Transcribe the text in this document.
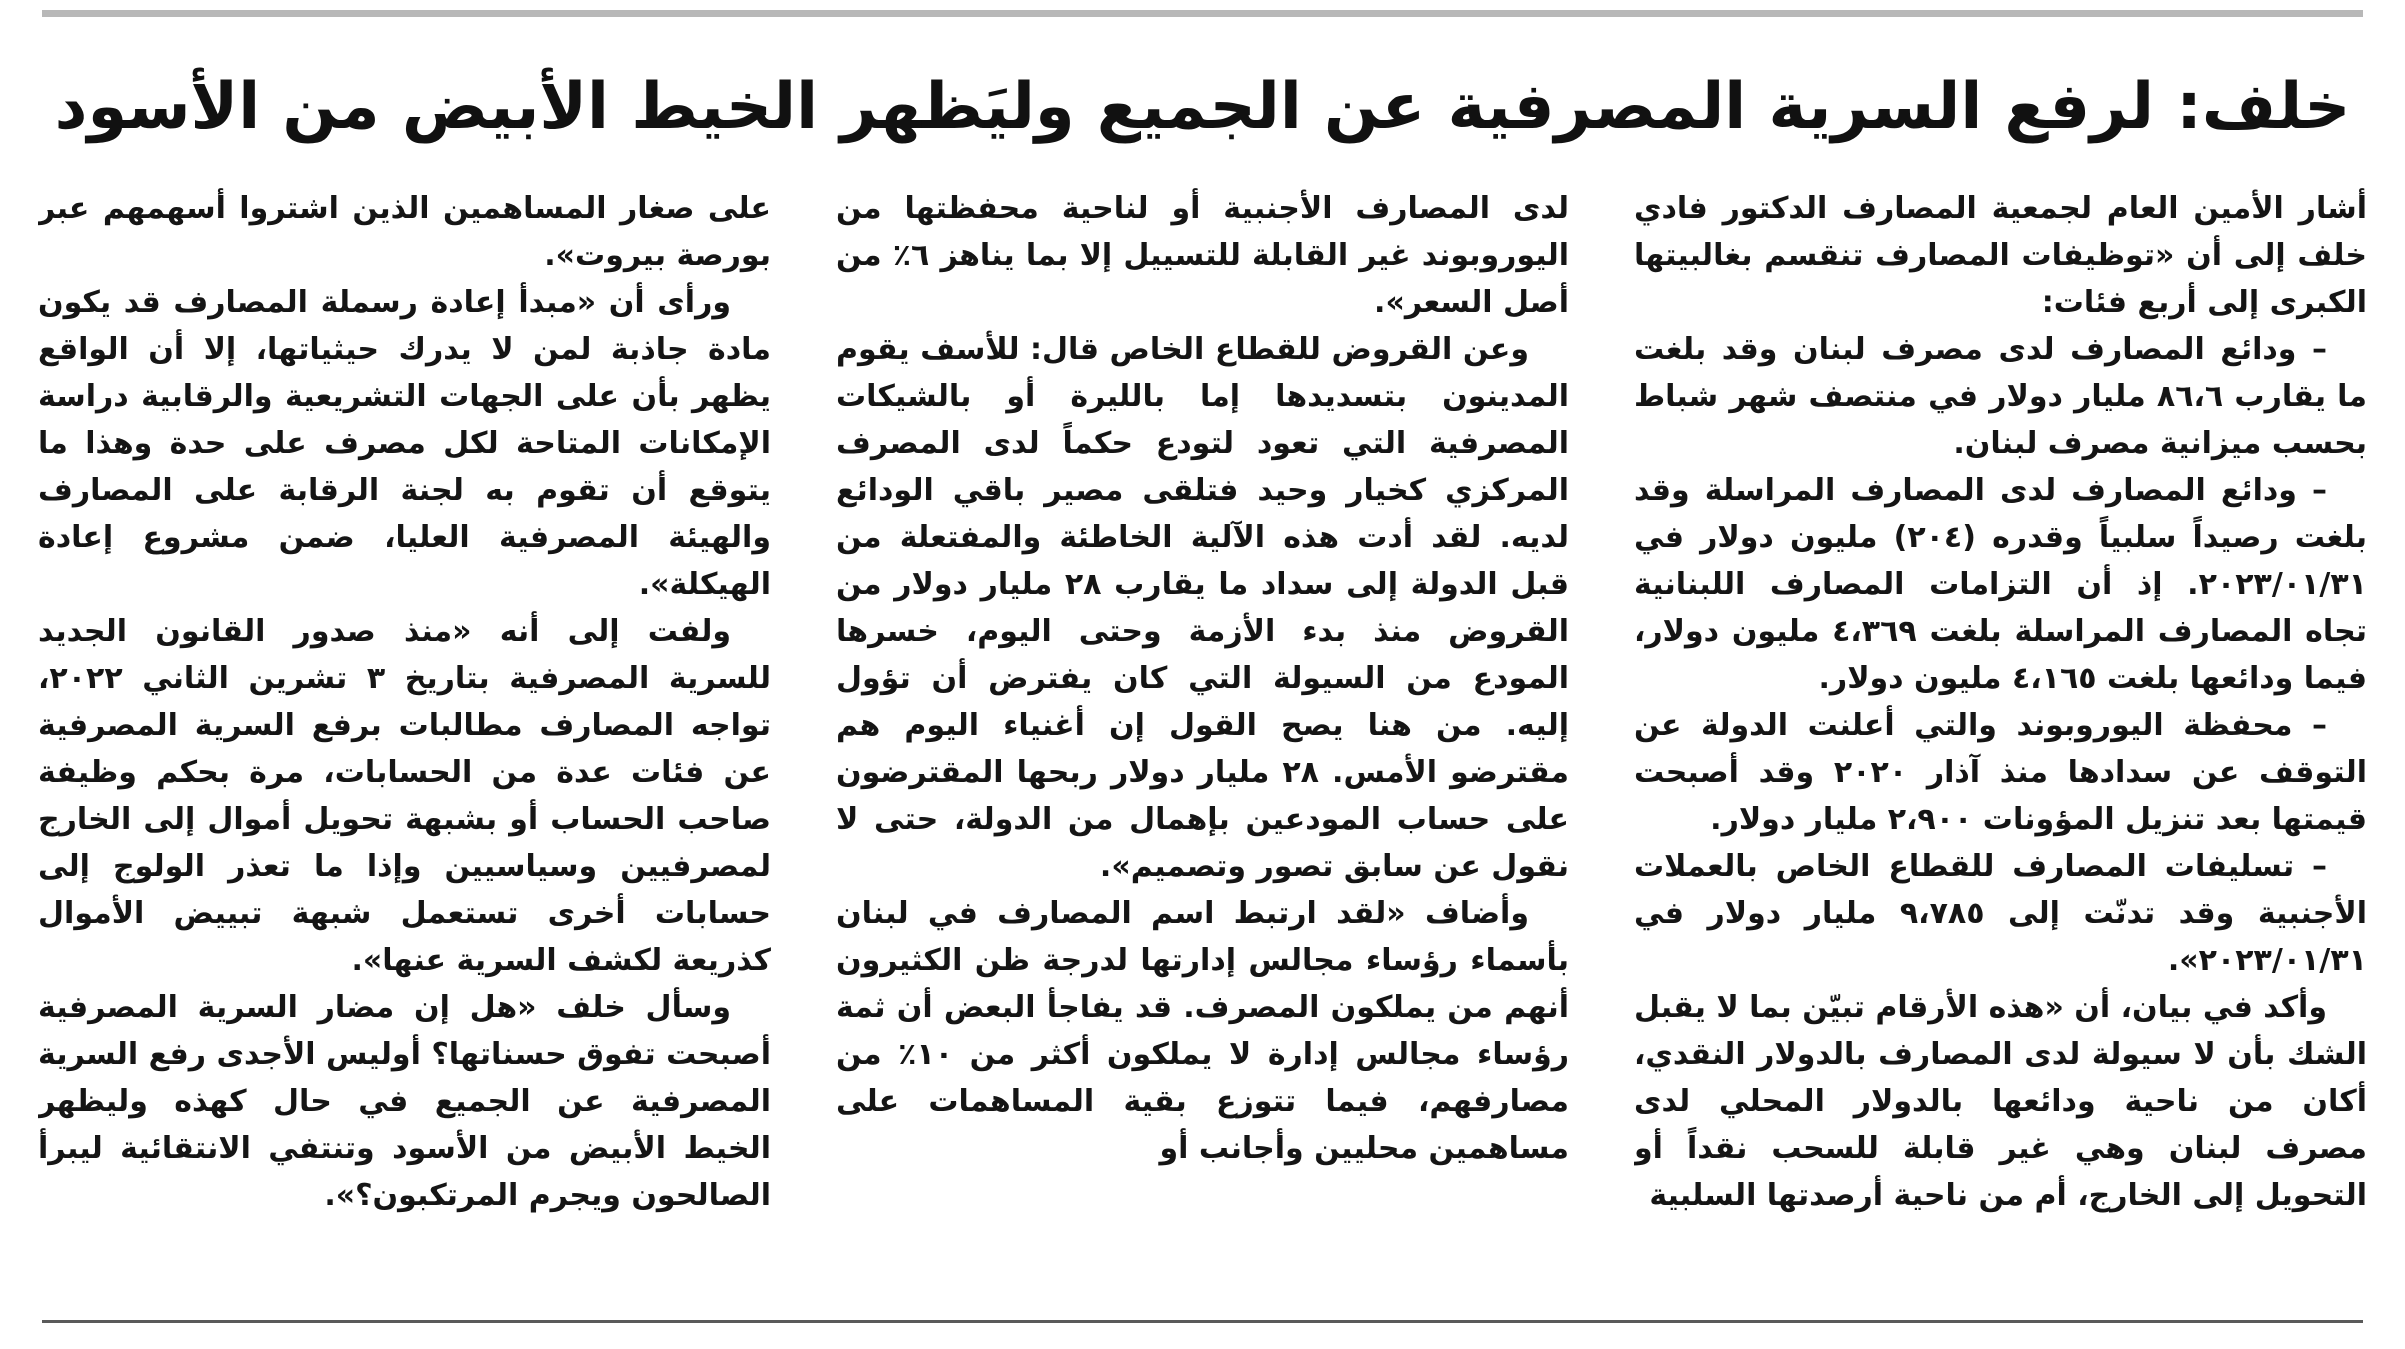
خلف: لرفع السرية المصرفية عن الجميع وليَظهر الخيط الأبيض من الأسود

أشار الأمين العام لجمعية المصارف الدكتور فادي خلف إلى أن «توظيفات المصارف تنقسم بغالبيتها الكبرى إلى أربع فئات:

– ودائع المصارف لدى مصرف لبنان وقد بلغت ما يقارب ٨٦،٦ مليار دولار في منتصف شهر شباط بحسب ميزانية مصرف لبنان.

– ودائع المصارف لدى المصارف المراسلة وقد بلغت رصيداً سلبياً وقدره (٢٠٤) مليون دولار في ٢٠٢٣/٠١/٣١. إذ أن التزامات المصارف اللبنانية تجاه المصارف المراسلة بلغت ٤،٣٦٩ مليون دولار، فيما ودائعها بلغت ٤،١٦٥ مليون دولار.

– محفظة اليوروبوند والتي أعلنت الدولة عن التوقف عن سدادها منذ آذار ٢٠٢٠ وقد أصبحت قيمتها بعد تنزيل المؤونات ٢،٩٠٠ مليار دولار.

– تسليفات المصارف للقطاع الخاص بالعملات الأجنبية وقد تدنّت إلى ٩،٧٨٥ مليار دولار في ٢٠٢٣/٠١/٣١».

وأكد في بيان، أن «هذه الأرقام تبيّن بما لا يقبل الشك بأن لا سيولة لدى المصارف بالدولار النقدي، أكان من ناحية ودائعها بالدولار المحلي لدى مصرف لبنان وهي غير قابلة للسحب نقداً أو التحويل إلى الخارج، أم من ناحية أرصدتها السلبية

لدى المصارف الأجنبية أو لناحية محفظتها من اليوروبوند غير القابلة للتسييل إلا بما يناهز ٦٪ من أصل السعر».

وعن القروض للقطاع الخاص قال: للأسف يقوم المدينون بتسديدها إما بالليرة أو بالشيكات المصرفية التي تعود لتودع حكماً لدى المصرف المركزي كخيار وحيد فتلقى مصير باقي الودائع لديه. لقد أدت هذه الآلية الخاطئة والمفتعلة من قبل الدولة إلى سداد ما يقارب ٢٨ مليار دولار من القروض منذ بدء الأزمة وحتى اليوم، خسرها المودع من السيولة التي كان يفترض أن تؤول إليه. من هنا يصح القول إن أغنياء اليوم هم مقترضو الأمس. ٢٨ مليار دولار ربحها المقترضون على حساب المودعين بإهمال من الدولة، حتى لا نقول عن سابق تصور وتصميم».

وأضاف «لقد ارتبط اسم المصارف في لبنان بأسماء رؤساء مجالس إدارتها لدرجة ظن الكثيرون أنهم من يملكون المصرف. قد يفاجأ البعض أن ثمة رؤساء مجالس إدارة لا يملكون أكثر من ١٠٪ من مصارفهم، فيما تتوزع بقية المساهمات على مساهمين محليين وأجانب أو

على صغار المساهمين الذين اشتروا أسهمهم عبر بورصة بيروت».

ورأى أن «مبدأ إعادة رسملة المصارف قد يكون مادة جاذبة لمن لا يدرك حيثياتها، إلا أن الواقع يظهر بأن على الجهات التشريعية والرقابية دراسة الإمكانات المتاحة لكل مصرف على حدة وهذا ما يتوقع أن تقوم به لجنة الرقابة على المصارف والهيئة المصرفية العليا، ضمن مشروع إعادة الهيكلة».

ولفت إلى أنه «منذ صدور القانون الجديد للسرية المصرفية بتاريخ ٣ تشرين الثاني ٢٠٢٢، تواجه المصارف مطالبات برفع السرية المصرفية عن فئات عدة من الحسابات، مرة بحكم وظيفة صاحب الحساب أو بشبهة تحويل أموال إلى الخارج لمصرفيين وسياسيين وإذا ما تعذر الولوج إلى حسابات أخرى تستعمل شبهة تبييض الأموال كذريعة لكشف السرية عنها».

وسأل خلف «هل إن مضار السرية المصرفية أصبحت تفوق حسناتها؟ أوليس الأجدى رفع السرية المصرفية عن الجميع في حال كهذه وليظهر الخيط الأبيض من الأسود وتنتفي الانتقائية ليبرأ الصالحون ويجرم المرتكبون؟».
